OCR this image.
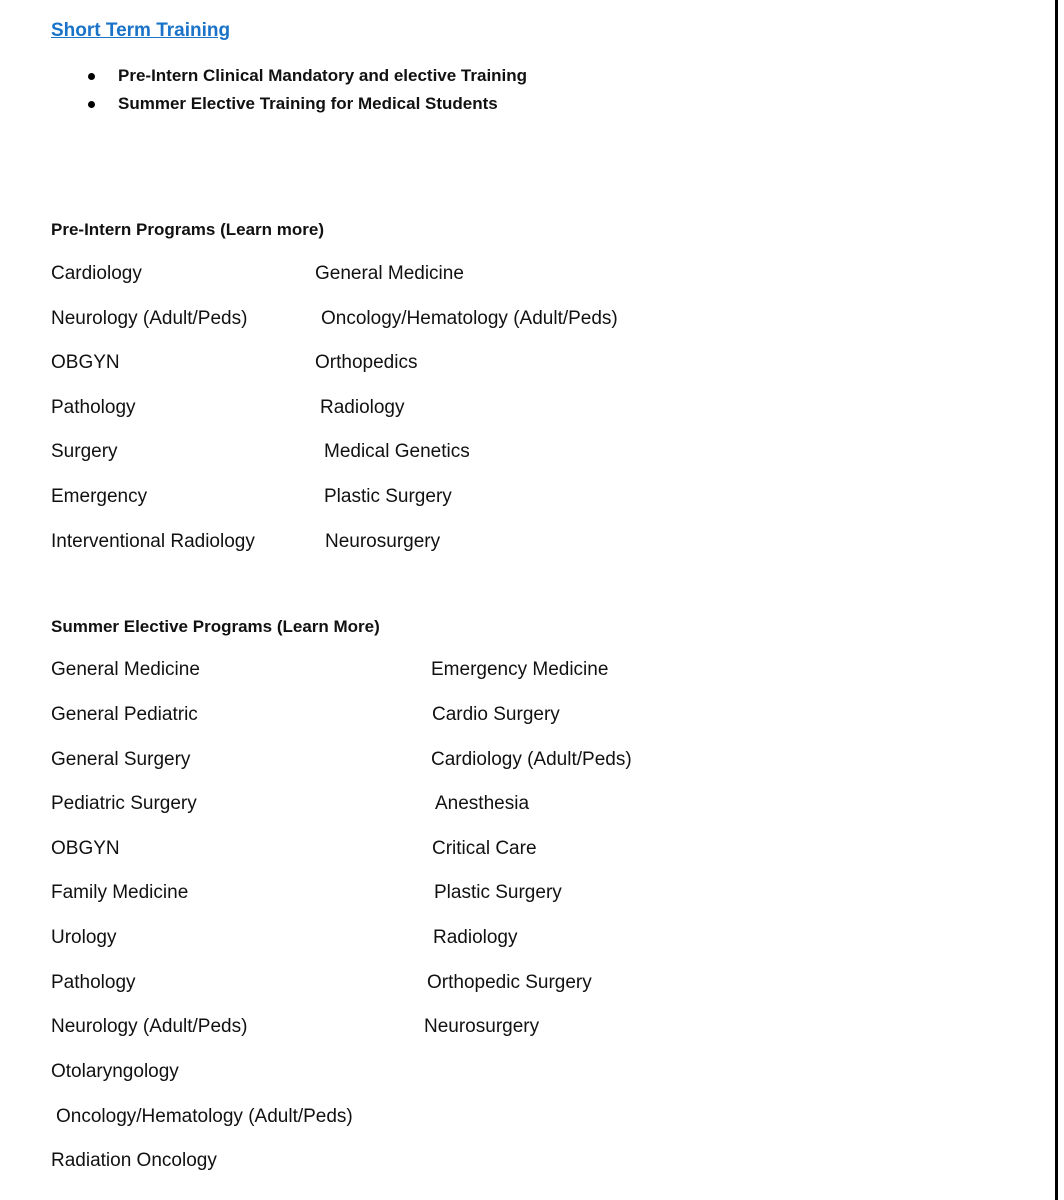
Short Term Training
Pre-Intern Clinical Mandatory and elective Training
Summer Elective Training for Medical Students
Pre-Intern Programs (Learn more)
Cardiology
Neurology (Adult/Peds)
OBGYN
Pathology
Surgery
Emergency
Interventional Radiology
General Medicine
Oncology/Hematology (Adult/Peds)
Orthopedics
Radiology
Medical Genetics
Plastic Surgery
Neurosurgery
Summer Elective Programs (Learn More)
General Medicine
General Pediatric
General Surgery
Pediatric Surgery
OBGYN
Family Medicine
Urology
Pathology
Neurology (Adult/Peds)
Otolaryngology
Oncology/Hematology (Adult/Peds)
Radiation Oncology
Emergency Medicine
Cardio Surgery
Cardiology (Adult/Peds)
Anesthesia
Critical Care
Plastic Surgery
Radiology
Orthopedic Surgery
Neurosurgery
